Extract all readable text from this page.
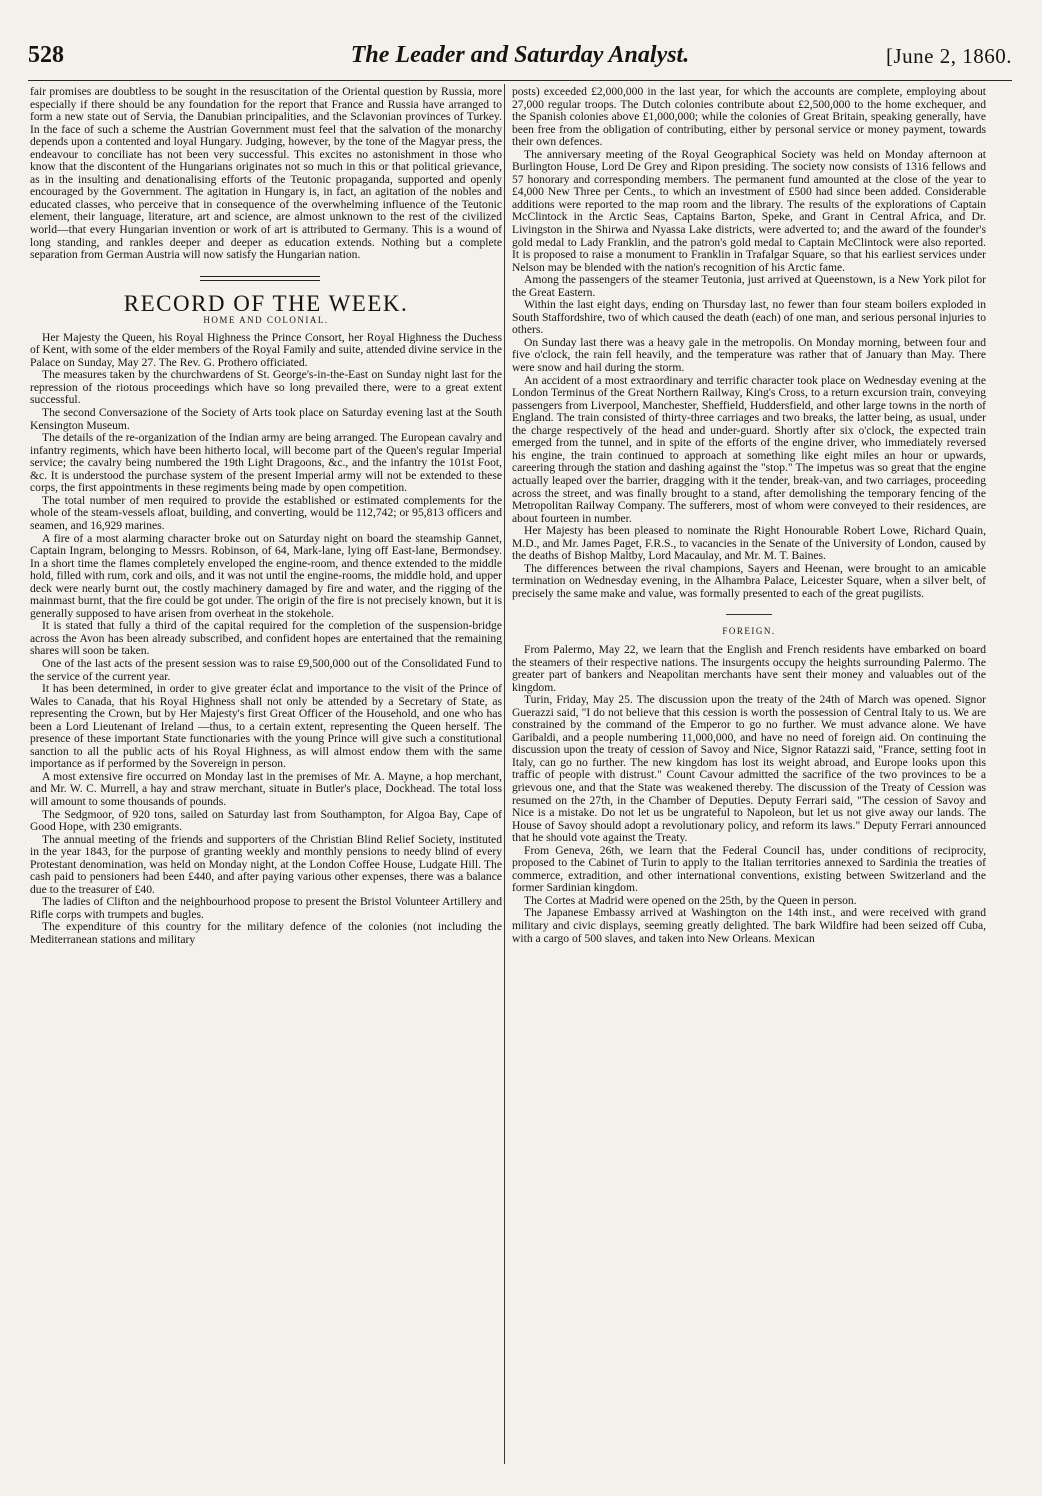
528	The Leader and Saturday Analyst.	[June 2, 1860.

fair promises are doubtless to be sought in the resuscitation of the Oriental question by Russia, more especially if there should be any foundation for the report that France and Russia have arranged to form a new state out of Servia, the Danubian principalities, and the Sclavonian provinces of Turkey. In the face of such a scheme the Austrian Government must feel that the salvation of the monarchy depends upon a contented and loyal Hungary. Judging, however, by the tone of the Magyar press, the endeavour to conciliate has not been very successful. This excites no astonishment in those who know that the discontent of the Hungarians originates not so much in this or that political grievance, as in the insulting and denationalising efforts of the Teutonic propaganda, supported and openly encouraged by the Government. The agitation in Hungary is, in fact, an agitation of the nobles and educated classes, who perceive that in consequence of the overwhelming influence of the Teutonic element, their language, literature, art and science, are almost unknown to the rest of the civilized world—that every Hungarian invention or work of art is attributed to Germany. This is a wound of long standing, and rankles deeper and deeper as education extends. Nothing but a complete separation from German Austria will now satisfy the Hungarian nation.

RECORD OF THE WEEK.
HOME AND COLONIAL.

Her Majesty the Queen, his Royal Highness the Prince Consort, her Royal Highness the Duchess of Kent, with some of the elder members of the Royal Family and suite, attended divine service in the Palace on Sunday, May 27. The Rev. G. Prothero officiated.

The measures taken by the churchwardens of St. George's-in-the-East on Sunday night last for the repression of the riotous proceedings which have so long prevailed there, were to a great extent successful.

The second Conversazione of the Society of Arts took place on Saturday evening last at the South Kensington Museum.

The details of the re-organization of the Indian army are being arranged. The European cavalry and infantry regiments, which have been hitherto local, will become part of the Queen's regular Imperial service; the cavalry being numbered the 19th Light Dragoons, &c., and the infantry the 101st Foot, &c. It is understood the purchase system of the present Imperial army will not be extended to these corps, the first appointments in these regiments being made by open competition.

The total number of men required to provide the established or estimated complements for the whole of the steam-vessels afloat, building, and converting, would be 112,742; or 95,813 officers and seamen, and 16,929 marines.

A fire of a most alarming character broke out on Saturday night on board the steamship Gannet, Captain Ingram, belonging to Messrs. Robinson, of 64, Mark-lane, lying off East-lane, Bermondsey. In a short time the flames completely enveloped the engine-room, and thence extended to the middle hold, filled with rum, cork and oils, and it was not until the engine-rooms, the middle hold, and upper deck were nearly burnt out, the costly machinery damaged by fire and water, and the rigging of the mainmast burnt, that the fire could be got under. The origin of the fire is not precisely known, but it is generally supposed to have arisen from overheat in the stokehole.

It is stated that fully a third of the capital required for the completion of the suspension-bridge across the Avon has been already subscribed, and confident hopes are entertained that the remaining shares will soon be taken.

One of the last acts of the present session was to raise £9,500,000 out of the Consolidated Fund to the service of the current year.

It has been determined, in order to give greater éclat and importance to the visit of the Prince of Wales to Canada, that his Royal Highness shall not only be attended by a Secretary of State, as representing the Crown, but by Her Majesty's first Great Officer of the Household, and one who has been a Lord Lieutenant of Ireland —thus, to a certain extent, representing the Queen herself. The presence of these important State functionaries with the young Prince will give such a constitutional sanction to all the public acts of his Royal Highness, as will almost endow them with the same importance as if performed by the Sovereign in person.

A most extensive fire occurred on Monday last in the premises of Mr. A. Mayne, a hop merchant, and Mr. W. C. Murrell, a hay and straw merchant, situate in Butler's place, Dockhead. The total loss will amount to some thousands of pounds.

The Sedgmoor, of 920 tons, sailed on Saturday last from Southampton, for Algoa Bay, Cape of Good Hope, with 230 emigrants.

The annual meeting of the friends and supporters of the Christian Blind Relief Society, instituted in the year 1843, for the purpose of granting weekly and monthly pensions to needy blind of every Protestant denomination, was held on Monday night, at the London Coffee House, Ludgate Hill. The cash paid to pensioners had been £440, and after paying various other expenses, there was a balance due to the treasurer of £40.

The ladies of Clifton and the neighbourhood propose to present the Bristol Volunteer Artillery and Rifle corps with trumpets and bugles.

The expenditure of this country for the military defence of the colonies (not including the Mediterranean stations and military

posts) exceeded £2,000,000 in the last year, for which the accounts are complete, employing about 27,000 regular troops. The Dutch colonies contribute about £2,500,000 to the home exchequer, and the Spanish colonies above £1,000,000; while the colonies of Great Britain, speaking generally, have been free from the obligation of contributing, either by personal service or money payment, towards their own defences.

The anniversary meeting of the Royal Geographical Society was held on Monday afternoon at Burlington House, Lord De Grey and Ripon presiding. The society now consists of 1316 fellows and 57 honorary and corresponding members. The permanent fund amounted at the close of the year to £4,000 New Three per Cents., to which an investment of £500 had since been added. Considerable additions were reported to the map room and the library. The results of the explorations of Captain McClintock in the Arctic Seas, Captains Barton, Speke, and Grant in Central Africa, and Dr. Livingston in the Shirwa and Nyassa Lake districts, were adverted to; and the award of the founder's gold medal to Lady Franklin, and the patron's gold medal to Captain McClintock were also reported. It is proposed to raise a monument to Franklin in Trafalgar Square, so that his earliest services under Nelson may be blended with the nation's recognition of his Arctic fame.

Among the passengers of the steamer Teutonia, just arrived at Queenstown, is a New York pilot for the Great Eastern.

Within the last eight days, ending on Thursday last, no fewer than four steam boilers exploded in South Staffordshire, two of which caused the death (each) of one man, and serious personal injuries to others.

On Sunday last there was a heavy gale in the metropolis. On Monday morning, between four and five o'clock, the rain fell heavily, and the temperature was rather that of January than May. There were snow and hail during the storm.

An accident of a most extraordinary and terrific character took place on Wednesday evening at the London Terminus of the Great Northern Railway, King's Cross, to a return excursion train, conveying passengers from Liverpool, Manchester, Sheffield, Huddersfield, and other large towns in the north of England. The train consisted of thirty-three carriages and two breaks, the latter being, as usual, under the charge respectively of the head and under-guard. Shortly after six o'clock, the expected train emerged from the tunnel, and in spite of the efforts of the engine driver, who immediately reversed his engine, the train continued to approach at something like eight miles an hour or upwards, careering through the station and dashing against the "stop." The impetus was so great that the engine actually leaped over the barrier, dragging with it the tender, break-van, and two carriages, proceeding across the street, and was finally brought to a stand, after demolishing the temporary fencing of the Metropolitan Railway Company. The sufferers, most of whom were conveyed to their residences, are about fourteen in number.

Her Majesty has been pleased to nominate the Right Honourable Robert Lowe, Richard Quain, M.D., and Mr. James Paget, F.R.S., to vacancies in the Senate of the University of London, caused by the deaths of Bishop Maltby, Lord Macaulay, and Mr. M. T. Baines.

The differences between the rival champions, Sayers and Heenan, were brought to an amicable termination on Wednesday evening, in the Alhambra Palace, Leicester Square, when a silver belt, of precisely the same make and value, was formally presented to each of the great pugilists.

FOREIGN.

From Palermo, May 22, we learn that the English and French residents have embarked on board the steamers of their respective nations. The insurgents occupy the heights surrounding Palermo. The greater part of bankers and Neapolitan merchants have sent their money and valuables out of the kingdom.

Turin, Friday, May 25. The discussion upon the treaty of the 24th of March was opened. Signor Guerazzi said, "I do not believe that this cession is worth the possession of Central Italy to us. We are constrained by the command of the Emperor to go no further. We must advance alone. We have Garibaldi, and a people numbering 11,000,000, and have no need of foreign aid. On continuing the discussion upon the treaty of cession of Savoy and Nice, Signor Ratazzi said, "France, setting foot in Italy, can go no further. The new kingdom has lost its weight abroad, and Europe looks upon this traffic of people with distrust." Count Cavour admitted the sacrifice of the two provinces to be a grievous one, and that the State was weakened thereby. The discussion of the Treaty of Cession was resumed on the 27th, in the Chamber of Deputies. Deputy Ferrari said, "The cession of Savoy and Nice is a mistake. Do not let us be ungrateful to Napoleon, but let us not give away our lands. The House of Savoy should adopt a revolutionary policy, and reform its laws." Deputy Ferrari announced that he should vote against the Treaty.

From Geneva, 26th, we learn that the Federal Council has, under conditions of reciprocity, proposed to the Cabinet of Turin to apply to the Italian territories annexed to Sardinia the treaties of commerce, extradition, and other international conventions, existing between Switzerland and the former Sardinian kingdom.

The Cortes at Madrid were opened on the 25th, by the Queen in person.

The Japanese Embassy arrived at Washington on the 14th inst., and were received with grand military and civic displays, seeming greatly delighted. The bark Wildfire had been seized off Cuba, with a cargo of 500 slaves, and taken into New Orleans. Mexican
